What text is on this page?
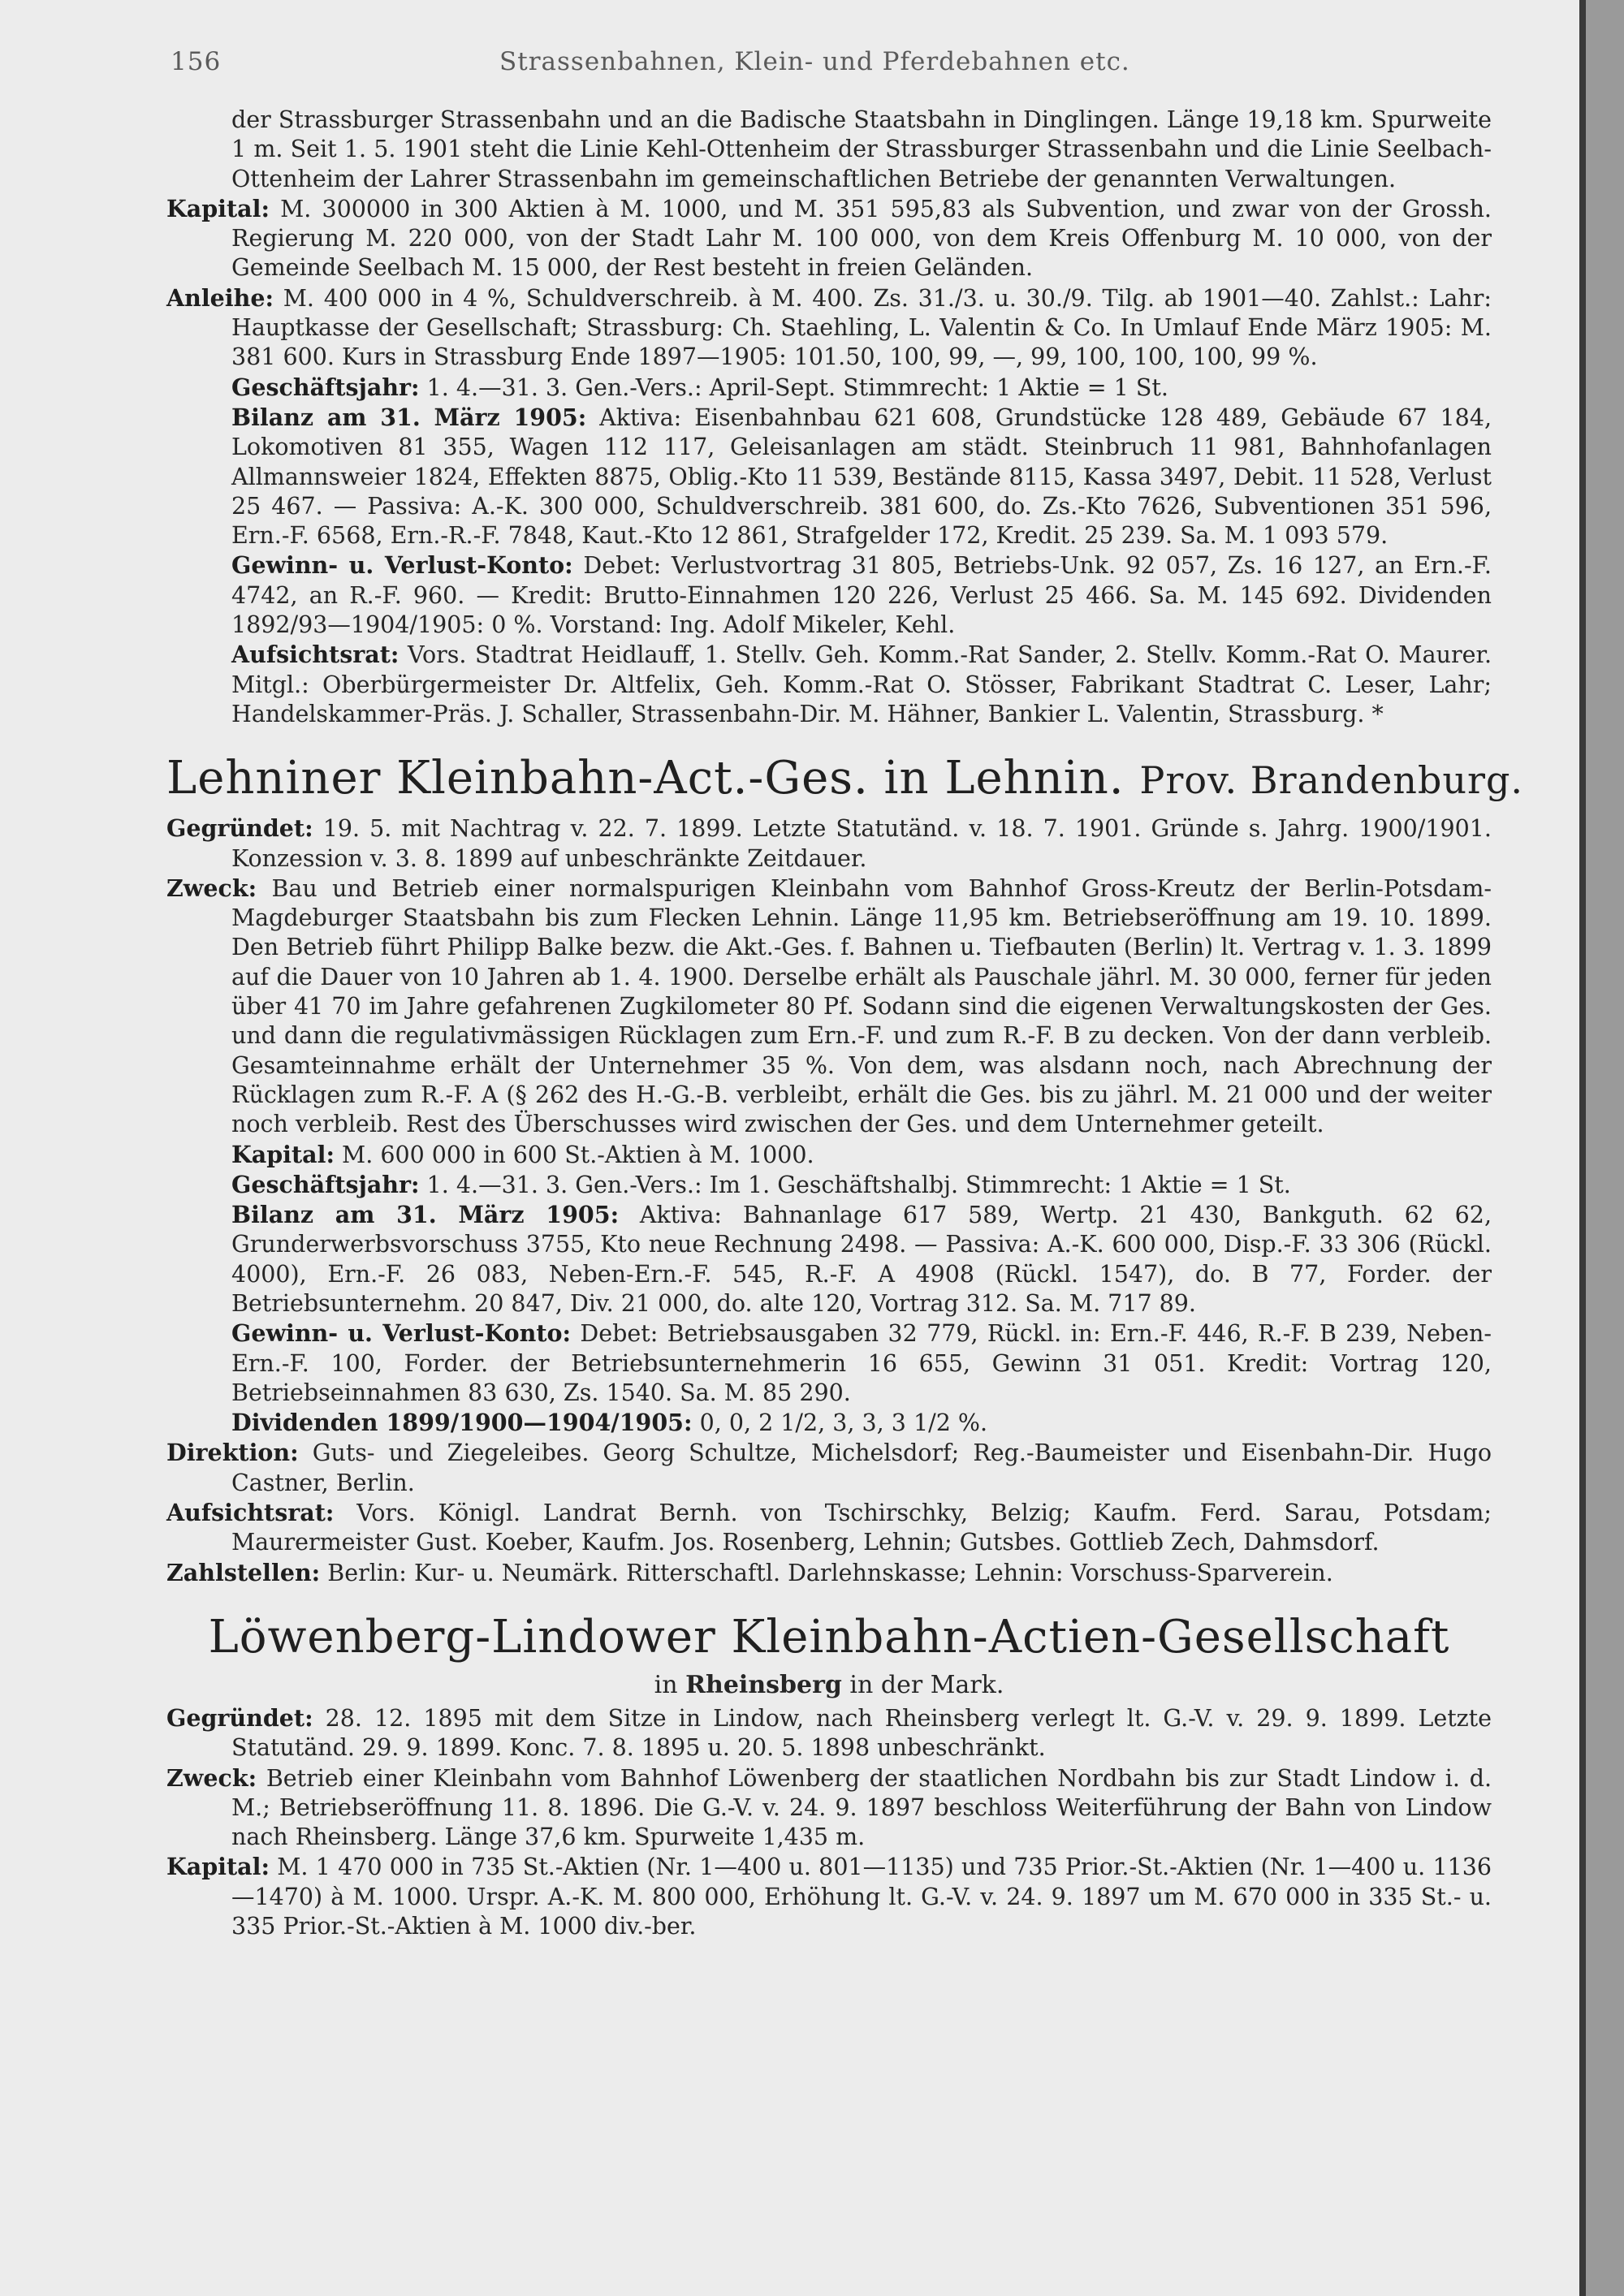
156	Strassenbahnen, Klein- und Pferdebahnen etc.

der Strassburger Strassenbahn und an die Badische Staatsbahn in Dinglingen. Länge 19,18 km. Spurweite 1 m. Seit 1. 5. 1901 steht die Linie Kehl-Ottenheim der Strassburger Strassenbahn und die Linie Seelbach-Ottenheim der Lahrer Strassenbahn im gemeinschaftlichen Betriebe der genannten Verwaltungen.

Kapital: M. 300000 in 300 Aktien à M. 1000, und M. 351 595,83 als Subvention, und zwar von der Grossh. Regierung M. 220 000, von der Stadt Lahr M. 100 000, von dem Kreis Offenburg M. 10 000, von der Gemeinde Seelbach M. 15 000, der Rest besteht in freien Geländen.

Anleihe: M. 400 000 in 4 %, Schuldverschreib. à M. 400. Zs. 31./3. u. 30./9. Tilg. ab 1901—40. Zahlst.: Lahr: Hauptkasse der Gesellschaft; Strassburg: Ch. Staehling, L. Valentin & Co. In Umlauf Ende März 1905: M. 381 600. Kurs in Strassburg Ende 1897—1905: 101.50, 100, 99, —, 99, 100, 100, 100, 99 %.

Geschäftsjahr: 1. 4.—31. 3. Gen.-Vers.: April-Sept. Stimmrecht: 1 Aktie = 1 St.

Bilanz am 31. März 1905: Aktiva: Eisenbahnbau 621 608, Grundstücke 128 489, Gebäude 67 184, Lokomotiven 81 355, Wagen 112 117, Geleisanlagen am städt. Steinbruch 11 981, Bahnhofanlagen Allmannsweier 1824, Effekten 8875, Oblig.-Kto 11 539, Bestände 8115, Kassa 3497, Debit. 11 528, Verlust 25 467. — Passiva: A.-K. 300 000, Schuldverschreib. 381 600, do. Zs.-Kto 7626, Subventionen 351 596, Ern.-F. 6568, Ern.-R.-F. 7848, Kaut.-Kto 12 861, Strafgelder 172, Kredit. 25 239. Sa. M. 1 093 579.

Gewinn- u. Verlust-Konto: Debet: Verlustvortrag 31 805, Betriebs-Unk. 92 057, Zs. 16 127, an Ern.-F. 4742, an R.-F. 960. — Kredit: Brutto-Einnahmen 120 226, Verlust 25 466. Sa. M. 145 692. Dividenden 1892/93—1904/1905: 0 %. Vorstand: Ing. Adolf Mikeler, Kehl.

Aufsichtsrat: Vors. Stadtrat Heidlauff, 1. Stellv. Geh. Komm.-Rat Sander, 2. Stellv. Komm.-Rat O. Maurer. Mitgl.: Oberbürgermeister Dr. Altfelix, Geh. Komm.-Rat O. Stösser, Fabrikant Stadtrat C. Leser, Lahr; Handelskammer-Präs. J. Schaller, Strassenbahn-Dir. M. Hähner, Bankier L. Valentin, Strassburg. *

Lehniner Kleinbahn-Act.-Ges. in Lehnin. Prov. Brandenburg.

Gegründet: 19. 5. mit Nachtrag v. 22. 7. 1899. Letzte Statutänd. v. 18. 7. 1901. Gründe s. Jahrg. 1900/1901. Konzession v. 3. 8. 1899 auf unbeschränkte Zeitdauer.

Zweck: Bau und Betrieb einer normalspurigen Kleinbahn vom Bahnhof Gross-Kreutz der Berlin-Potsdam-Magdeburger Staatsbahn bis zum Flecken Lehnin. Länge 11,95 km. Betriebseröffnung am 19. 10. 1899. Den Betrieb führt Philipp Balke bezw. die Akt.-Ges. f. Bahnen u. Tiefbauten (Berlin) lt. Vertrag v. 1. 3. 1899 auf die Dauer von 10 Jahren ab 1. 4. 1900. Derselbe erhält als Pauschale jährl. M. 30 000, ferner für jeden über 41 70 im Jahre gefahrenen Zugkilometer 80 Pf. Sodann sind die eigenen Verwaltungskosten der Ges. und dann die regulativmässigen Rücklagen zum Ern.-F. und zum R.-F. B zu decken. Von der dann verbleib. Gesamteinnahme erhält der Unternehmer 35 %. Von dem, was alsdann noch, nach Abrechnung der Rücklagen zum R.-F. A (§ 262 des H.-G.-B. verbleibt, erhält die Ges. bis zu jährl. M. 21 000 und der weiter noch verbleib. Rest des Überschusses wird zwischen der Ges. und dem Unternehmer geteilt.

Kapital: M. 600 000 in 600 St.-Aktien à M. 1000.

Geschäftsjahr: 1. 4.—31. 3. Gen.-Vers.: Im 1. Geschäftshalbj. Stimmrecht: 1 Aktie = 1 St.

Bilanz am 31. März 1905: Aktiva: Bahnanlage 617 589, Wertp. 21 430, Bankguth. 62 62, Grunderwerbsvorschuss 3755, Kto neue Rechnung 2498. — Passiva: A.-K. 600 000, Disp.-F. 33 306 (Rückl. 4000), Ern.-F. 26 083, Neben-Ern.-F. 545, R.-F. A 4908 (Rückl. 1547), do. B 77, Forder. der Betriebsunternehm. 20 847, Div. 21 000, do. alte 120, Vortrag 312. Sa. M. 717 89.

Gewinn- u. Verlust-Konto: Debet: Betriebsausgaben 32 779, Rückl. in: Ern.-F. 446, R.-F. B 239, Neben-Ern.-F. 100, Forder. der Betriebsunternehmerin 16 655, Gewinn 31 051. Kredit: Vortrag 120, Betriebseinnahmen 83 630, Zs. 1540. Sa. M. 85 290.

Dividenden 1899/1900—1904/1905: 0, 0, 2 1/2, 3, 3, 3 1/2 %.

Direktion: Guts- und Ziegeleibes. Georg Schultze, Michelsdorf; Reg.-Baumeister und Eisenbahn-Dir. Hugo Castner, Berlin.

Aufsichtsrat: Vors. Königl. Landrat Bernh. von Tschirschky, Belzig; Kaufm. Ferd. Sarau, Potsdam; Maurermeister Gust. Koeber, Kaufm. Jos. Rosenberg, Lehnin; Gutsbes. Gottlieb Zech, Dahmsdorf.

Zahlstellen: Berlin: Kur- u. Neumärk. Ritterschaftl. Darlehnskasse; Lehnin: Vorschuss-Sparverein.

Löwenberg-Lindower Kleinbahn-Actien-Gesellschaft
in Rheinsberg in der Mark.

Gegründet: 28. 12. 1895 mit dem Sitze in Lindow, nach Rheinsberg verlegt lt. G.-V. v. 29. 9. 1899. Letzte Statutänd. 29. 9. 1899. Konc. 7. 8. 1895 u. 20. 5. 1898 unbeschränkt.

Zweck: Betrieb einer Kleinbahn vom Bahnhof Löwenberg der staatlichen Nordbahn bis zur Stadt Lindow i. d. M.; Betriebseröffnung 11. 8. 1896. Die G.-V. v. 24. 9. 1897 beschloss Weiterführung der Bahn von Lindow nach Rheinsberg. Länge 37,6 km. Spurweite 1,435 m.

Kapital: M. 1 470 000 in 735 St.-Aktien (Nr. 1—400 u. 801—1135) und 735 Prior.-St.-Aktien (Nr. 1—400 u. 1136—1470) à M. 1000. Urspr. A.-K. M. 800 000, Erhöhung lt. G.-V. v. 24. 9. 1897 um M. 670 000 in 335 St.- u. 335 Prior.-St.-Aktien à M. 1000 div.-ber.
